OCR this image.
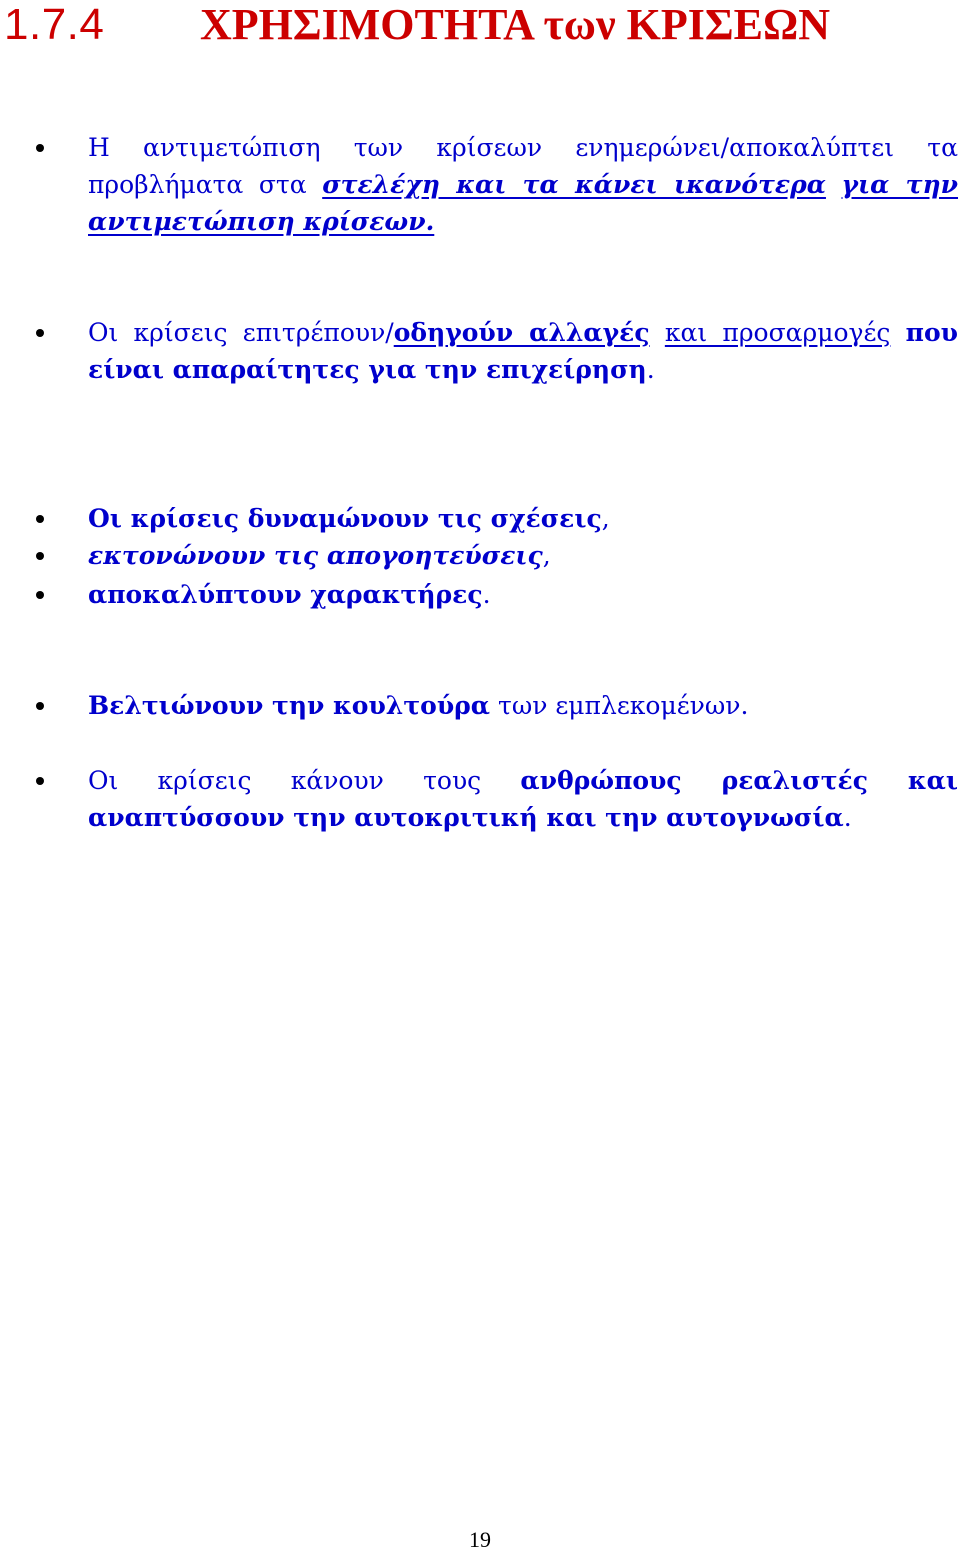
1.7.4 ΧΡΗΣΙΜΟΤΗΤΑ των ΚΡΙΣΕΩΝ
Η αντιμετώπιση των κρίσεων ενημερώνει/αποκαλύπτει τα προβλήματα στα στελέχη και τα κάνει ικανότερα για την αντιμετώπιση κρίσεων.
Οι κρίσεις επιτρέπουν/οδηγούν αλλαγές και προσαρμογές που είναι απαραίτητες για την επιχείρηση.
Οι κρίσεις δυναμώνουν τις σχέσεις,
εκτονώνουν τις απογοητεύσεις,
αποκαλύπτουν χαρακτήρες.
Βελτιώνουν την κουλτούρα των εμπλεκομένων.
Οι κρίσεις κάνουν τους ανθρώπους ρεαλιστές και αναπτύσσουν την αυτοκριτική και την αυτογνωσία.
19
